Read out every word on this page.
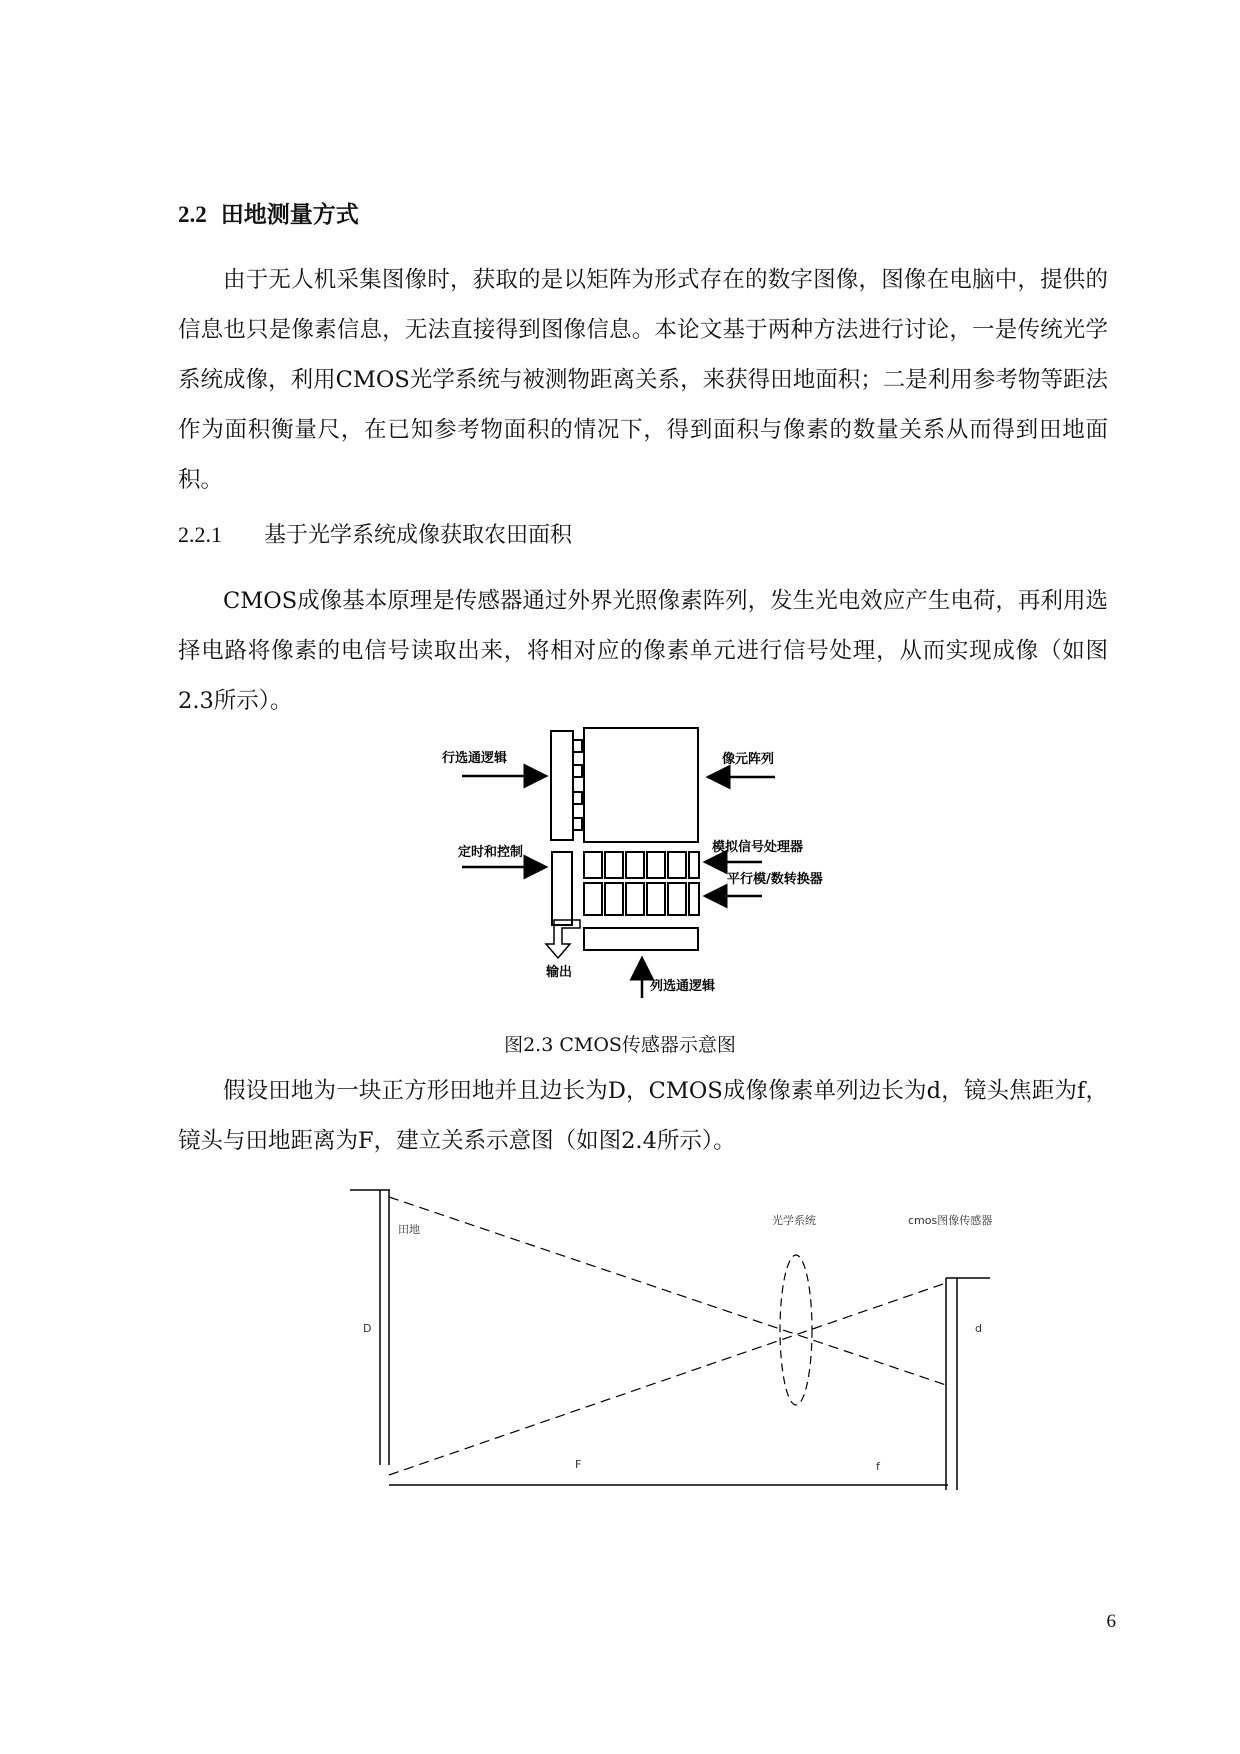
2.2 田地测量方式

由于无人机采集图像时，获取的是以矩阵为形式存在的数字图像，图像在电脑中，提供的信息也只是像素信息，无法直接得到图像信息。本论文基于两种方法进行讨论，一是传统光学系统成像，利用CMOS光学系统与被测物距离关系，来获得田地面积；二是利用参考物等距法作为面积衡量尺，在已知参考物面积的情况下，得到面积与像素的数量关系从而得到田地面积。

2.2.1 基于光学系统成像获取农田面积

CMOS成像基本原理是传感器通过外界光照像素阵列，发生光电效应产生电荷，再利用选择电路将像素的电信号读取出来，将相对应的像素单元进行信号处理，从而实现成像（如图2.3所示）。

行选通逻辑	像元阵列
定时和控制	模拟信号处理器
平行模/数转换器
输出
列选通逻辑
田地
光学系统	cmos图像传感器
D	d
F	f
图2.3 CMOS传感器示意图

假设田地为一块正方形田地并且边长为D，CMOS成像像素单列边长为d，镜头焦距为f，镜头与田地距离为F，建立关系示意图（如图2.4所示）。

6
